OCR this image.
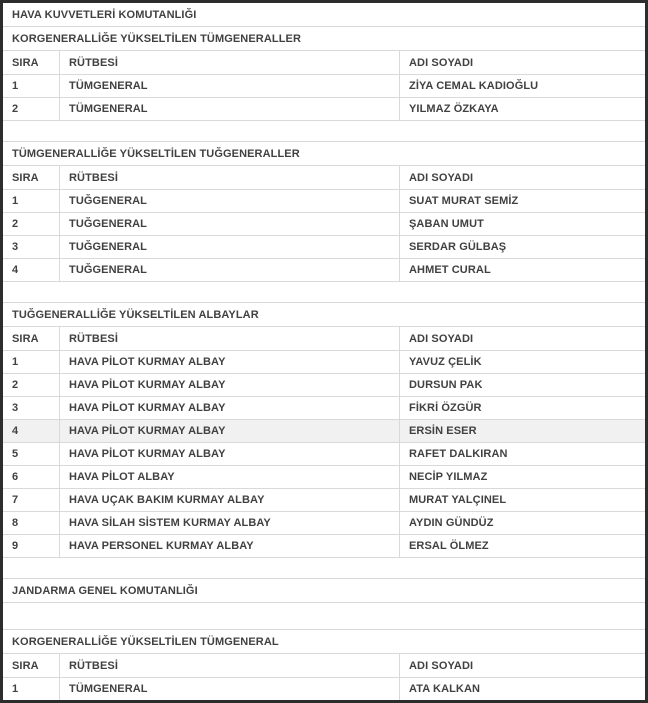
HAVA KUVVETLERİ KOMUTANLIĞI
KORGENERALLİĞE YÜKSELTİLEN TÜMGENERALLER
SIRA	RÜTBESİ	ADI SOYADI
1	TÜMGENERAL	ZİYA CEMAL KADIOĞLU
2	TÜMGENERAL	YILMAZ ÖZKAYA
TÜMGENERALLİĞE YÜKSELTİLEN TUĞGENERALLER
SIRA	RÜTBESİ	ADI SOYADI
1	TUĞGENERAL	SUAT MURAT SEMİZ
2	TUĞGENERAL	ŞABAN UMUT
3	TUĞGENERAL	SERDAR GÜLBAŞ
4	TUĞGENERAL	AHMET CURAL
TUĞGENERALLİĞE YÜKSELTİLEN ALBAYLAR
SIRA	RÜTBESİ	ADI SOYADI
1	HAVA PİLOT KURMAY ALBAY	YAVUZ ÇELİK
2	HAVA PİLOT KURMAY ALBAY	DURSUN PAK
3	HAVA PİLOT KURMAY ALBAY	FİKRİ ÖZGÜR
4	HAVA PİLOT KURMAY ALBAY	ERSİN ESER
5	HAVA PİLOT KURMAY ALBAY	RAFET DALKIRAN
6	HAVA PİLOT ALBAY	NECİP YILMAZ
7	HAVA UÇAK BAKIM KURMAY ALBAY	MURAT YALÇINEL
8	HAVA SİLAH SİSTEM KURMAY ALBAY	AYDIN GÜNDÜZ
9	HAVA PERSONEL KURMAY ALBAY	ERSAL ÖLMEZ
JANDARMA GENEL KOMUTANLIĞI
KORGENERALLİĞE YÜKSELTİLEN TÜMGENERAL
SIRA	RÜTBESİ	ADI SOYADI
1	TÜMGENERAL	ATA KALKAN
